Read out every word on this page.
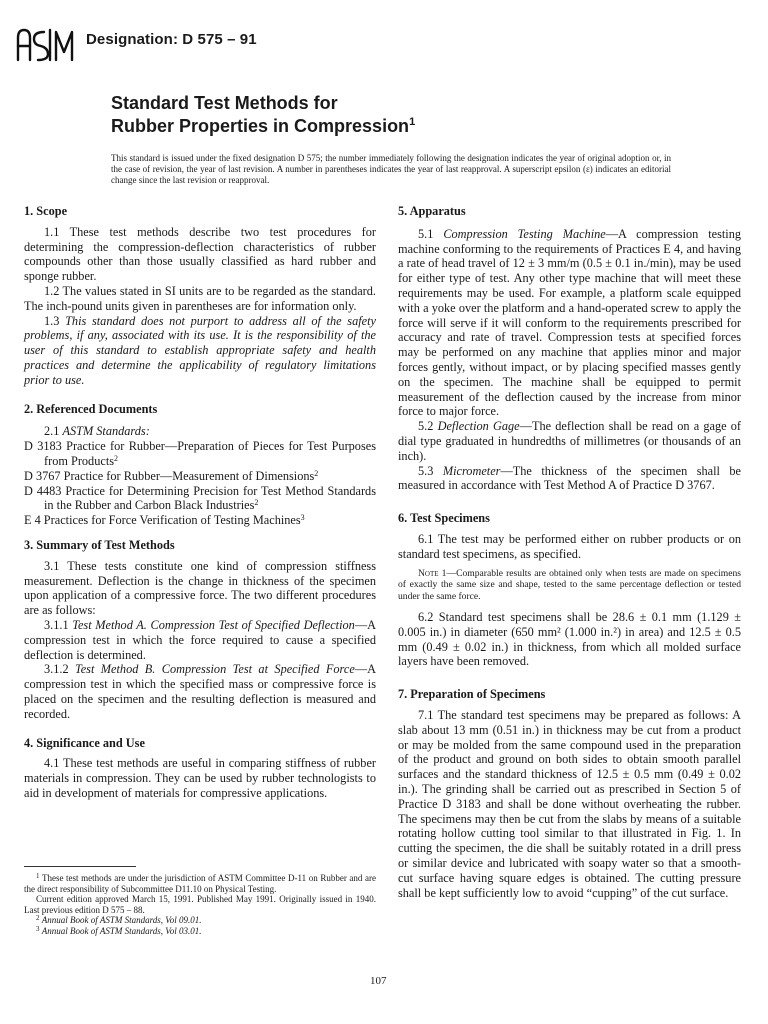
Designation: D 575 – 91
Standard Test Methods for
Rubber Properties in Compression$^1$
This standard is issued under the fixed designation D 575; the number immediately following the designation indicates the year of original adoption or, in the case of revision, the year of last revision. A number in parentheses indicates the year of last reapproval. A superscript epsilon (ε) indicates an editorial change since the last revision or reapproval.
1. Scope

1.1 These test methods describe two test procedures for determining the compression-deflection characteristics of rubber compounds other than those usually classified as hard rubber and sponge rubber.

1.2 The values stated in SI units are to be regarded as the standard. The inch-pound units given in parentheses are for information only.

1.3 This standard does not purport to address all of the safety problems, if any, associated with its use. It is the responsibility of the user of this standard to establish appropriate safety and health practices and determine the applicability of regulatory limitations prior to use.

2. Referenced Documents

2.1 ASTM Standards:

D 3183 Practice for Rubber—Preparation of Pieces for Test Purposes from Products$^2$

D 3767 Practice for Rubber—Measurement of Dimensions$^2$

D 4483 Practice for Determining Precision for Test Method Standards in the Rubber and Carbon Black Industries$^2$

E 4 Practices for Force Verification of Testing Machines$^3$

3. Summary of Test Methods

3.1 These tests constitute one kind of compression stiffness measurement. Deflection is the change in thickness of the specimen upon application of a compressive force. The two different procedures are as follows:

3.1.1 Test Method A. Compression Test of Specified Deflection—A compression test in which the force required to cause a specified deflection is determined.

3.1.2 Test Method B. Compression Test at Specified Force—A compression test in which the specified mass or compressive force is placed on the specimen and the resulting deflection is measured and recorded.

4. Significance and Use

4.1 These test methods are useful in comparing stiffness of rubber materials in compression. They can be used by rubber technologists to aid in development of materials for compressive applications.

$^1$ These test methods are under the jurisdiction of ASTM Committee D-11 on Rubber and are the direct responsibility of Subcommittee D11.10 on Physical Testing.

Current edition approved March 15, 1991. Published May 1991. Originally issued in 1940. Last previous edition D 575 – 88.

$^2$ Annual Book of ASTM Standards, Vol 09.01.

$^3$ Annual Book of ASTM Standards, Vol 03.01.

5. Apparatus

5.1 Compression Testing Machine—A compression testing machine conforming to the requirements of Practices E 4, and having a rate of head travel of 12 ± 3 mm/m (0.5 ± 0.1 in./min), may be used for either type of test. Any other type machine that will meet these requirements may be used. For example, a platform scale equipped with a yoke over the platform and a hand-operated screw to apply the force will serve if it will conform to the requirements prescribed for accuracy and rate of travel. Compression tests at specified forces may be performed on any machine that applies minor and major forces gently, without impact, or by placing specified masses gently on the specimen. The machine shall be equipped to permit measurement of the deflection caused by the increase from minor force to major force.

5.2 Deflection Gage—The deflection shall be read on a gage of dial type graduated in hundredths of millimetres (or thousands of an inch).

5.3 Micrometer—The thickness of the specimen shall be measured in accordance with Test Method A of Practice D 3767.

6. Test Specimens

6.1 The test may be performed either on rubber products or on standard test specimens, as specified.

Note 1—Comparable results are obtained only when tests are made on specimens of exactly the same size and shape, tested to the same percentage deflection or tested under the same force.

6.2 Standard test specimens shall be 28.6 ± 0.1 mm (1.129 ± 0.005 in.) in diameter (650 mm² (1.000 in.²) in area) and 12.5 ± 0.5 mm (0.49 ± 0.02 in.) in thickness, from which all molded surface layers have been removed.

7. Preparation of Specimens

7.1 The standard test specimens may be prepared as follows: A slab about 13 mm (0.51 in.) in thickness may be cut from a product or may be molded from the same compound used in the preparation of the product and ground on both sides to obtain smooth parallel surfaces and the standard thickness of 12.5 ± 0.5 mm (0.49 ± 0.02 in.). The grinding shall be carried out as prescribed in Section 5 of Practice D 3183 and shall be done without overheating the rubber. The specimens may then be cut from the slabs by means of a suitable rotating hollow cutting tool similar to that illustrated in Fig. 1. In cutting the specimen, the die shall be suitably rotated in a drill press or similar device and lubricated with soapy water so that a smooth-cut surface having square edges is obtained. The cutting pressure shall be kept sufficiently low to avoid “cupping” of the cut surface.

107
